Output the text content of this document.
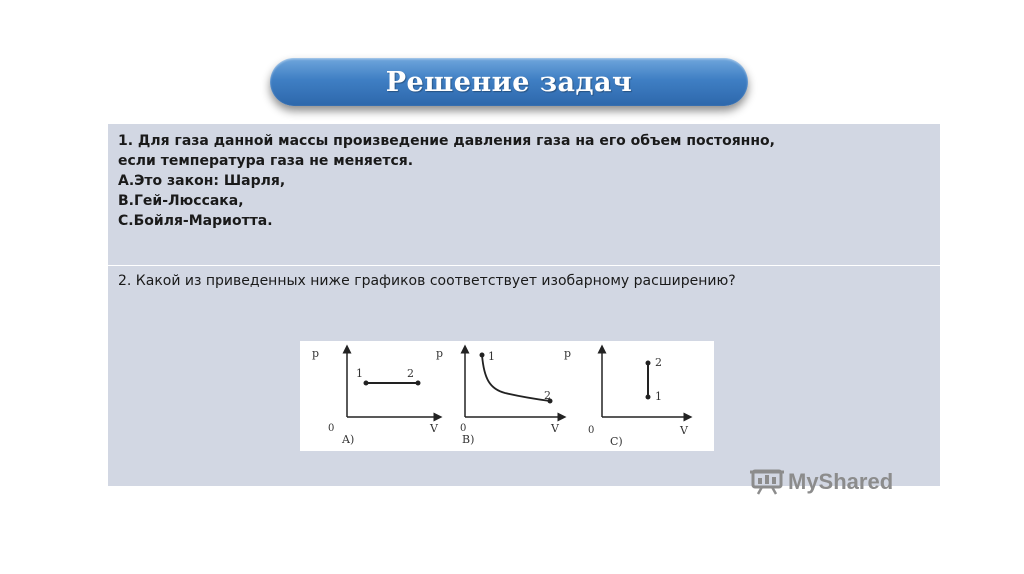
Решение задач
1. Для газа данной массы произведение давления газа на его объем постоянно,
если температура газа не меняется.
А.Это закон: Шарля,
В.Гей-Люссака,
С.Бойля-Мариотта.
2. Какой из приведенных ниже графиков соответствует изобарному расширению?
p
0	V
1	2
A)
p
0	V
1
2
B)
p
0	V
1
2
C)
MyShared
